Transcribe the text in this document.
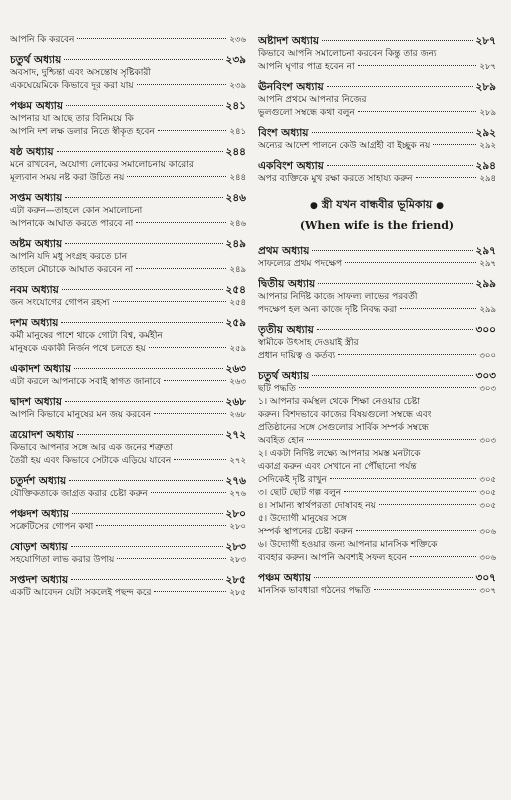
আপনি কি করবেন	২৩৬
চতুর্থ অধ্যায়	২৩৯
অবসাদ, দুশ্চিন্তা এবং অসন্তোষ সৃষ্টিকারী
একঘেয়েমিকে কিভাবে দূর করা যায়	২৩৯
পঞ্চম অধ্যায়	২৪১
আপনার যা আছে তার বিনিময়ে কি
আপনি দশ লক্ষ ডলার নিতে স্বীকৃত হবেন	২৪১
ষষ্ঠ অধ্যায়	২৪৪
মনে রাখবেন, অযোগ্য লোকের সমালোচনায় কারোর
মূল্যবান সময় নষ্ট করা উচিত নয়	২৪৪
সপ্তম অধ্যায়	২৪৬
এটা করুন—তাহলে কোন সমালোচনা
আপনাকে আঘাত করতে পারবে না	২৪৬
অষ্টম অধ্যায়	২৪৯
আপনি যদি মধু সংগ্রহ করতে চান
তাহলে মৌচাকে আঘাত করবেন না	২৪৯
নবম অধ্যায়	২৫৪
জন সংযোগের গোপন রহস্য	২৫৪
দশম অধ্যায়	২৫৯
কর্মী মানুষের পাশে থাকে গোটা বিশ্ব, কর্মহীন
মানুষকে একাকী নির্জন পথে চলতে হয়	২৫৯
একাদশ অধ্যায়	২৬৩
এটা করলে আপনাকে সবাই স্বাগত জানাবে	২৬৩
দ্বাদশ অধ্যায়	২৬৮
আপনি কিভাবে মানুষের মন জয় করবেন	২৬৮
ত্রয়োদশ অধ্যায়	২৭২
কিভাবে আপনার সঙ্গে আর এক জনের শত্রুতা
তৈরী হয় এবং কিভাবে সেটাকে এড়িয়ে যাবেন	২৭২
চতুর্দশ অধ্যায়	২৭৬
যৌক্তিকতাকে জাগ্রত করার চেষ্টা করুন	২৭৬
পঞ্চদশ অধ্যায়	২৮০
সক্রেটিসের গোপন কথা	২৮০
ষোড়শ অধ্যায়	২৮৩
সহযোগিতা লাভ করার উপায়	২৮৩
সপ্তদশ অধ্যায়	২৮৫
একটি আবেদন যেটা সকলেই পছন্দ করে	২৮৫
অষ্টাদশ অধ্যায়	২৮৭
কিভাবে আপনি সমালোচনা করবেন কিন্তু তার জন্য
আপনি ঘৃণার পাত্র হবেন না	২৮৭
ঊনবিংশ অধ্যায়	২৮৯
আপনি প্রথমে আপনার নিজের
ভুলগুলো সম্বন্ধে কথা বলুন	২৮৯
বিংশ অধ্যায়	২৯২
অন্যের আদেশ পালনে কেউ আগ্রহী বা ইচ্ছুক নয়	২৯২
একবিংশ অধ্যায়	২৯৪
অপর ব্যক্তিকে মুখ রক্ষা করতে সাহায্য করুন	২৯৪
● স্ত্রী যখন বান্ধবীর ভূমিকায় ●
(When wife is the friend)
প্রথম অধ্যায়	২৯৭
সাফল্যের প্রথম পদক্ষেপ	২৯৭
দ্বিতীয় অধ্যায়	২৯৯
আপনার নির্দিষ্ট কাজে সাফল্য লাভের পরবর্তী
পদক্ষেপ হল অন্য কাজে দৃষ্টি নিবদ্ধ করা	২৯৯
তৃতীয় অধ্যায়	৩০০
স্বামীকে উৎসাহ দেওয়াই স্ত্রীর
প্রধান দায়িত্ব ও কর্তব্য	৩০০
চতুর্থ অধ্যায়	৩০৩
ছটি পদ্ধতি	৩০৩
১। আপনার কর্মস্থল থেকে শিক্ষা নেওয়ার চেষ্টা
করুন। বিশদভাবে কাজের বিষয়গুলো সম্বন্ধে এবং
প্রতিষ্ঠানের সঙ্গে সেগুলোর সার্বিক সম্পর্ক সম্বন্ধে
অবহিত হোন	৩০৩
২। একটা নির্দিষ্ট লক্ষ্যে আপনার সমস্ত মনটাকে
একাগ্র করুন এবং সেখানে না পৌঁছানো পর্যন্ত
সেদিকেই দৃষ্টি রাখুন	৩০৫
৩। ছোট ছোট গল্প বলুন	৩০৫
৪। সামান্য স্বার্থপরতা দোষাবহ নয়	৩০৫
৫। উদ্যোগী মানুষের সঙ্গে
সম্পর্ক স্থাপনের চেষ্টা করুন	৩০৬
৬। উদ্যোগী হওয়ার জন্য আপনার মানসিক শক্তিকে
ব্যবহার করুন। আপনি অবশ্যই সফল হবেন	৩০৬
পঞ্চম অধ্যায়	৩০৭
মানসিক ভাবধারা গঠনের পদ্ধতি	৩০৭
